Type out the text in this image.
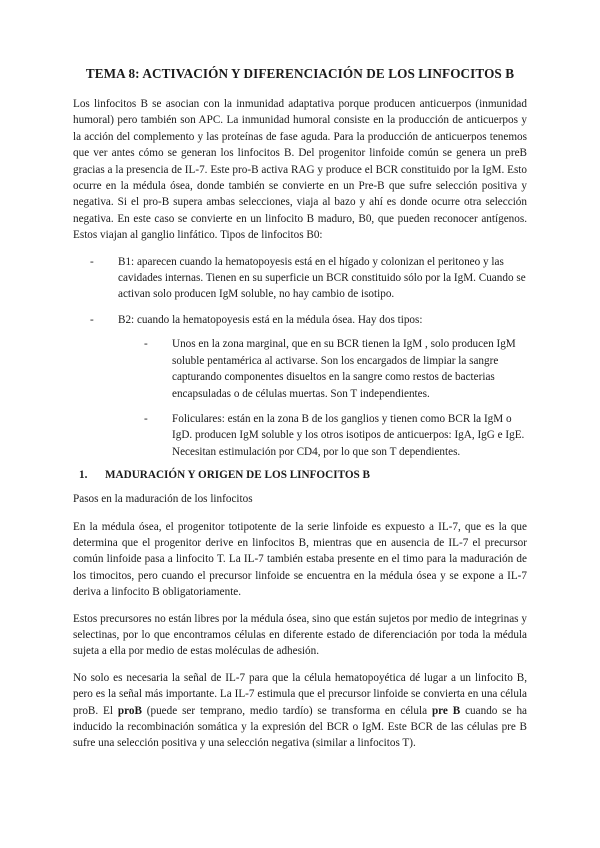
TEMA 8: ACTIVACIÓN Y DIFERENCIACIÓN DE LOS LINFOCITOS B

Los linfocitos B se asocian con la inmunidad adaptativa porque producen anticuerpos (inmunidad humoral) pero también son APC. La inmunidad humoral consiste en la producción de anticuerpos y la acción del complemento y las proteínas de fase aguda. Para la producción de anticuerpos tenemos que ver antes cómo se generan los linfocitos B. Del progenitor linfoide común se genera un preB gracias a la presencia de IL-7. Este pro-B activa RAG y produce el BCR constituido por la IgM. Esto ocurre en la médula ósea, donde también se convierte en un Pre-B que sufre selección positiva y negativa. Si el pro-B supera ambas selecciones, viaja al bazo y ahí es donde ocurre otra selección negativa. En este caso se convierte en un linfocito B maduro, B0, que pueden reconocer antígenos. Estos viajan al ganglio linfático. Tipos de linfocitos B0:

- B1: aparecen cuando la hematopoyesis está en el hígado y colonizan el peritoneo y las cavidades internas. Tienen en su superficie un BCR constituido sólo por la IgM. Cuando se activan solo producen IgM soluble, no hay cambio de isotipo.
- B2: cuando la hematopoyesis está en la médula ósea. Hay dos tipos:
- Unos en la zona marginal, que en su BCR tienen la IgM , solo producen IgM soluble pentamérica al activarse. Son los encargados de limpiar la sangre capturando componentes disueltos en la sangre como restos de bacterias encapsuladas o de células muertas. Son T independientes.
- Foliculares: están en la zona B de los ganglios y tienen como BCR la IgM o IgD. producen IgM soluble y los otros isotipos de anticuerpos: IgA, IgG e IgE. Necesitan estimulación por CD4, por lo que son T dependientes.
1. MADURACIÓN Y ORIGEN DE LOS LINFOCITOS B

Pasos en la maduración de los linfocitos

En la médula ósea, el progenitor totipotente de la serie linfoide es expuesto a IL-7, que es la que determina que el progenitor derive en linfocitos B, mientras que en ausencia de IL-7 el precursor común linfoide pasa a linfocito T. La IL-7 también estaba presente en el timo para la maduración de los timocitos, pero cuando el precursor linfoide se encuentra en la médula ósea y se expone a IL-7 deriva a linfocito B obligatoriamente.

Estos precursores no están libres por la médula ósea, sino que están sujetos por medio de integrinas y selectinas, por lo que encontramos células en diferente estado de diferenciación por toda la médula sujeta a ella por medio de estas moléculas de adhesión.

No solo es necesaria la señal de IL-7 para que la célula hematopoyética dé lugar a un linfocito B, pero es la señal más importante. La IL-7 estimula que el precursor linfoide se convierta en una célula proB. El proB (puede ser temprano, medio tardío) se transforma en célula pre B cuando se ha inducido la recombinación somática y la expresión del BCR o IgM. Este BCR de las células pre B sufre una selección positiva y una selección negativa (similar a linfocitos T).
